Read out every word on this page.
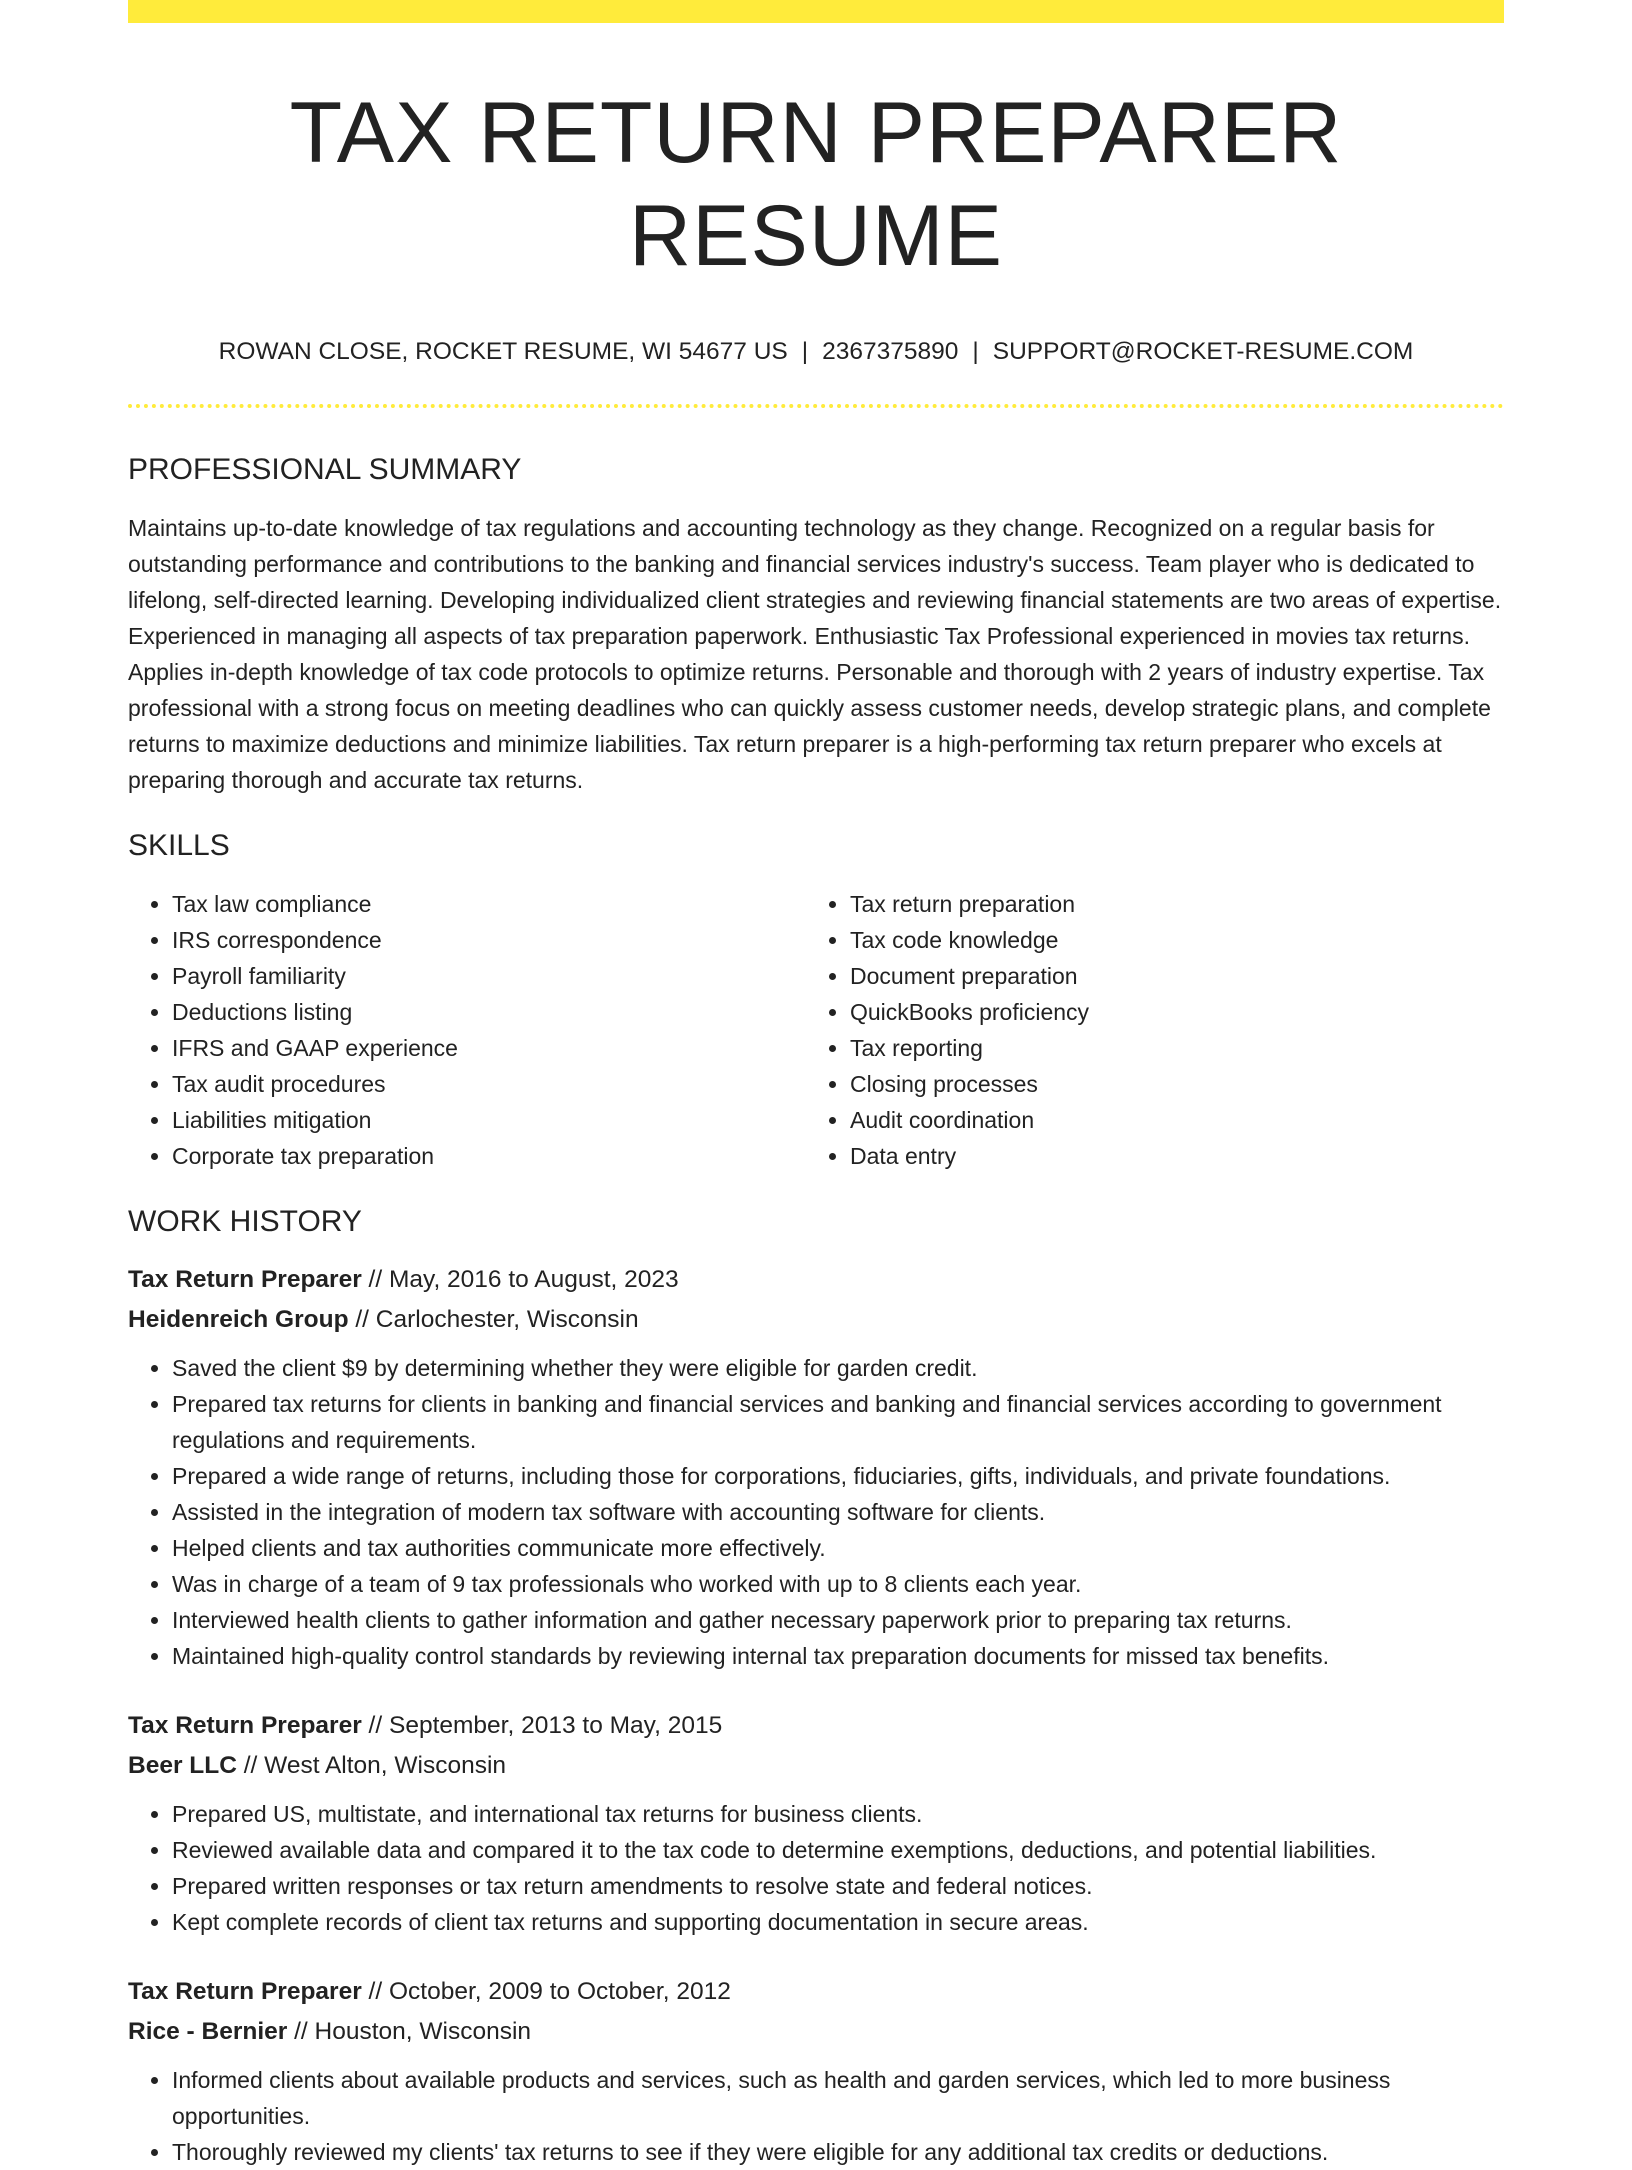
TAX RETURN PREPARER RESUME
ROWAN CLOSE, ROCKET RESUME, WI 54677 US | 2367375890 | SUPPORT@ROCKET-RESUME.COM
PROFESSIONAL SUMMARY
Maintains up-to-date knowledge of tax regulations and accounting technology as they change. Recognized on a regular basis for outstanding performance and contributions to the banking and financial services industry's success. Team player who is dedicated to lifelong, self-directed learning. Developing individualized client strategies and reviewing financial statements are two areas of expertise. Experienced in managing all aspects of tax preparation paperwork. Enthusiastic Tax Professional experienced in movies tax returns. Applies in-depth knowledge of tax code protocols to optimize returns. Personable and thorough with 2 years of industry expertise. Tax professional with a strong focus on meeting deadlines who can quickly assess customer needs, develop strategic plans, and complete returns to maximize deductions and minimize liabilities. Tax return preparer is a high-performing tax return preparer who excels at preparing thorough and accurate tax returns.
SKILLS
• Tax law compliance
• IRS correspondence
• Payroll familiarity
• Deductions listing
• IFRS and GAAP experience
• Tax audit procedures
• Liabilities mitigation
• Corporate tax preparation
• Tax return preparation
• Tax code knowledge
• Document preparation
• QuickBooks proficiency
• Tax reporting
• Closing processes
• Audit coordination
• Data entry
WORK HISTORY
Tax Return Preparer // May, 2016 to August, 2023
Heidenreich Group // Carlochester, Wisconsin
• Saved the client $9 by determining whether they were eligible for garden credit.
• Prepared tax returns for clients in banking and financial services and banking and financial services according to government regulations and requirements.
• Prepared a wide range of returns, including those for corporations, fiduciaries, gifts, individuals, and private foundations.
• Assisted in the integration of modern tax software with accounting software for clients.
• Helped clients and tax authorities communicate more effectively.
• Was in charge of a team of 9 tax professionals who worked with up to 8 clients each year.
• Interviewed health clients to gather information and gather necessary paperwork prior to preparing tax returns.
• Maintained high-quality control standards by reviewing internal tax preparation documents for missed tax benefits.
Tax Return Preparer // September, 2013 to May, 2015
Beer LLC // West Alton, Wisconsin
• Prepared US, multistate, and international tax returns for business clients.
• Reviewed available data and compared it to the tax code to determine exemptions, deductions, and potential liabilities.
• Prepared written responses or tax return amendments to resolve state and federal notices.
• Kept complete records of client tax returns and supporting documentation in secure areas.
Tax Return Preparer // October, 2009 to October, 2012
Rice - Bernier // Houston, Wisconsin
• Informed clients about available products and services, such as health and garden services, which led to more business opportunities.
• Thoroughly reviewed my clients' tax returns to see if they were eligible for any additional tax credits or deductions.
